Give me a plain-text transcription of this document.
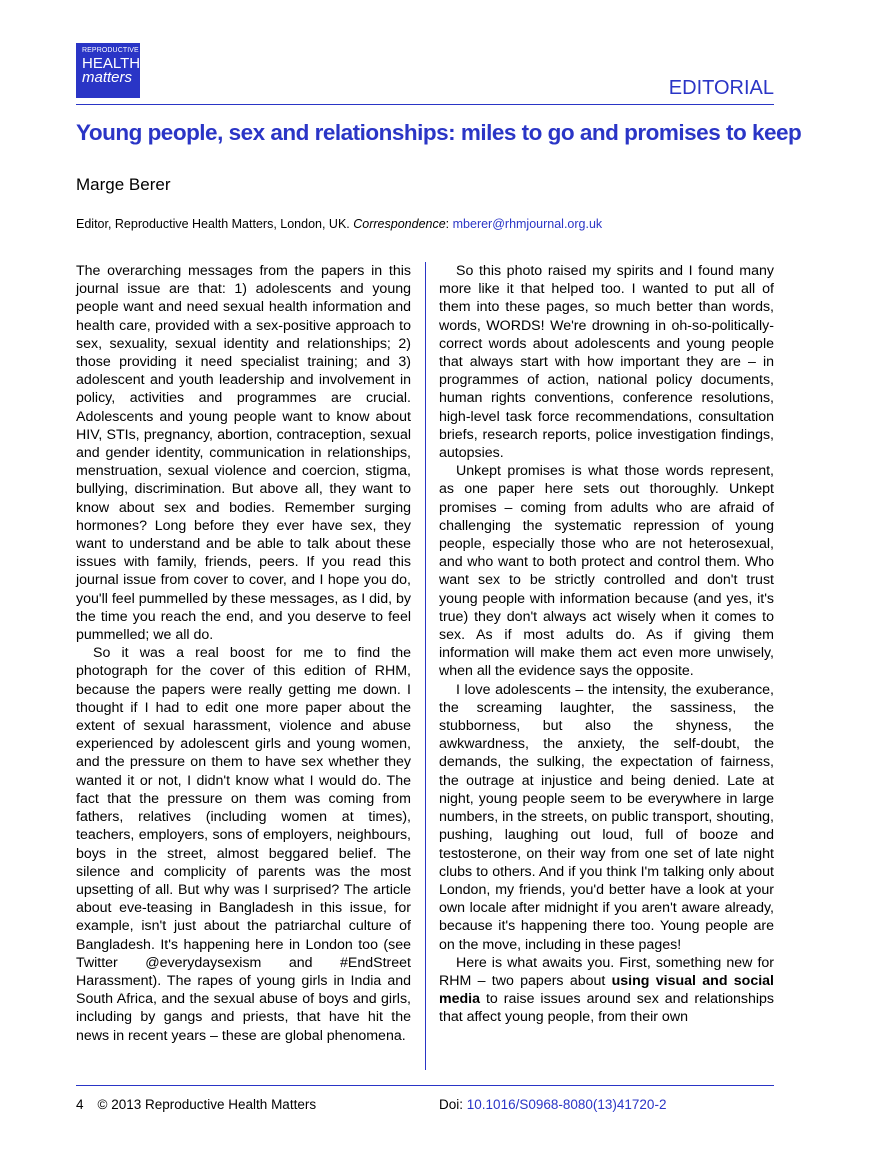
REPRODUCTIVE
HEALTH
matters	EDITORIAL
Young people, sex and relationships: miles to go and promises to keep
Marge Berer
Editor, Reproductive Health Matters, London, UK. Correspondence: mberer@rhmjournal.org.uk

The overarching messages from the papers in this journal issue are that: 1) adolescents and young people want and need sexual health information and health care, provided with a sex-positive approach to sex, sexuality, sexual identity and relationships; 2) those providing it need specialist training; and 3) adolescent and youth leadership and involvement in policy, activities and programmes are crucial. Adolescents and young people want to know about HIV, STIs, pregnancy, abortion, contraception, sexual and gender identity, communication in relationships, menstruation, sexual violence and coercion, stigma, bullying, discrimination. But above all, they want to know about sex and bodies. Remember surging hormones? Long before they ever have sex, they want to understand and be able to talk about these issues with family, friends, peers. If you read this journal issue from cover to cover, and I hope you do, you'll feel pummelled by these messages, as I did, by the time you reach the end, and you deserve to feel pummelled; we all do.

So it was a real boost for me to find the photograph for the cover of this edition of RHM, because the papers were really getting me down. I thought if I had to edit one more paper about the extent of sexual harassment, violence and abuse experienced by adolescent girls and young women, and the pressure on them to have sex whether they wanted it or not, I didn't know what I would do. The fact that the pressure on them was coming from fathers, relatives (including women at times), teachers, employers, sons of employers, neighbours, boys in the street, almost beggared belief. The silence and complicity of parents was the most upsetting of all. But why was I surprised? The article about eve-teasing in Bangladesh in this issue, for example, isn't just about the patriarchal culture of Bangladesh. It's happening here in London too (see Twitter @everydaysexism and #EndStreet Harassment). The rapes of young girls in India and South Africa, and the sexual abuse of boys and girls, including by gangs and priests, that have hit the news in recent years – these are global phenomena.

So this photo raised my spirits and I found many more like it that helped too. I wanted to put all of them into these pages, so much better than words, words, WORDS! We're drowning in oh-so-politically-correct words about adolescents and young people that always start with how important they are – in programmes of action, national policy documents, human rights conventions, conference resolutions, high-level task force recommendations, consultation briefs, research reports, police investigation findings, autopsies.

Unkept promises is what those words represent, as one paper here sets out thoroughly. Unkept promises – coming from adults who are afraid of challenging the systematic repression of young people, especially those who are not heterosexual, and who want to both protect and control them. Who want sex to be strictly controlled and don't trust young people with information because (and yes, it's true) they don't always act wisely when it comes to sex. As if most adults do. As if giving them information will make them act even more unwisely, when all the evidence says the opposite.

I love adolescents – the intensity, the exuberance, the screaming laughter, the sassiness, the stubborness, but also the shyness, the awkwardness, the anxiety, the self-doubt, the demands, the sulking, the expectation of fairness, the outrage at injustice and being denied. Late at night, young people seem to be everywhere in large numbers, in the streets, on public transport, shouting, pushing, laughing out loud, full of booze and testosterone, on their way from one set of late night clubs to others. And if you think I'm talking only about London, my friends, you'd better have a look at your own locale after midnight if you aren't aware already, because it's happening there too. Young people are on the move, including in these pages!

Here is what awaits you. First, something new for RHM – two papers about using visual and social media to raise issues around sex and relationships that affect young people, from their own

4 © 2013 Reproductive Health Matters	Doi: 10.1016/S0968-8080(13)41720-2
